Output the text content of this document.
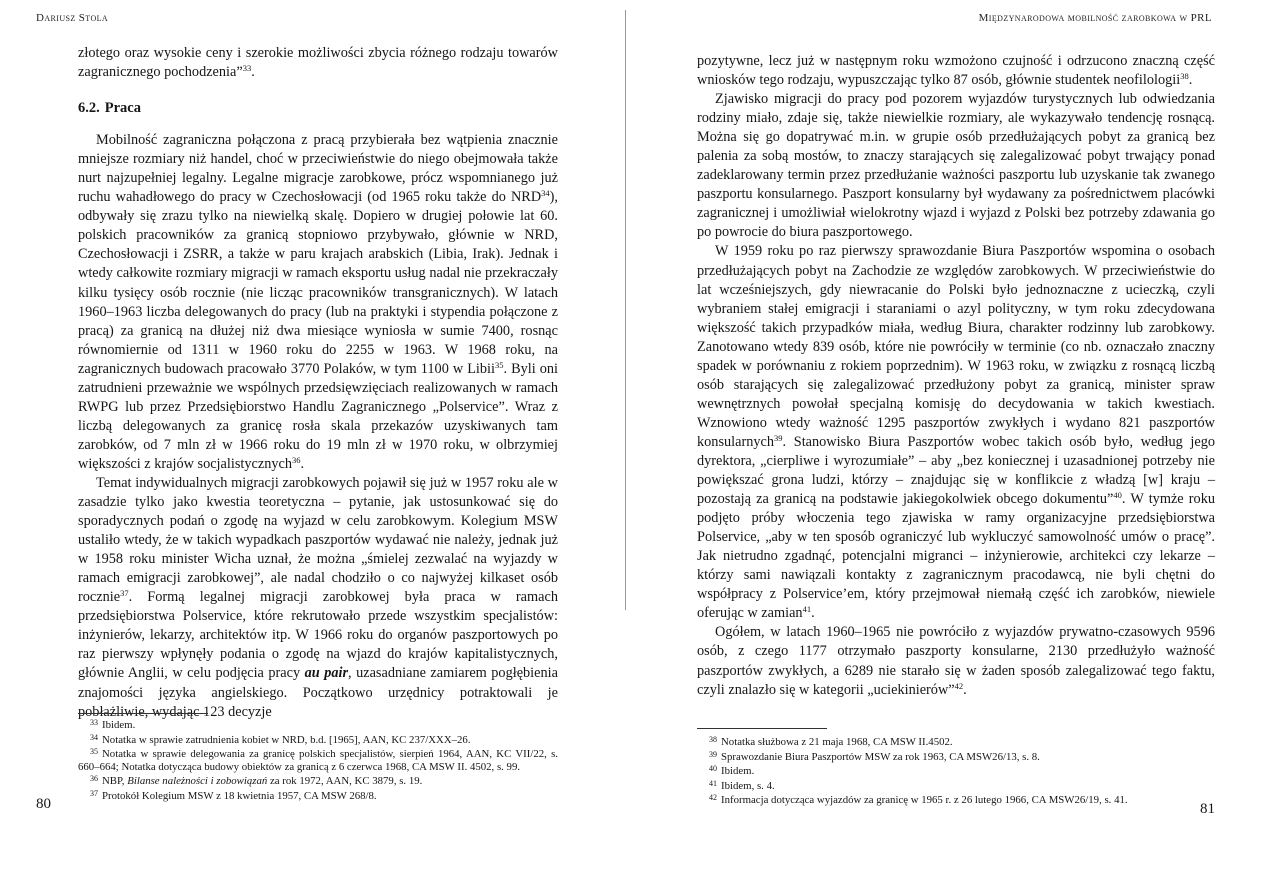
Dariusz Stola

złotego oraz wysokie ceny i szerokie możliwości zbycia różnego rodzaju towarów zagranicznego pochodzenia”$^{33}$.

6.2. Praca

Mobilność zagraniczna połączona z pracą przybierała bez wątpienia znacznie mniejsze rozmiary niż handel, choć w przeciwieństwie do niego obejmowała także nurt najzupełniej legalny. Legalne migracje zarobkowe, prócz wspomnianego już ruchu wahadłowego do pracy w Czechosłowacji (od 1965 roku także do NRD$^{34}$), odbywały się zrazu tylko na niewielką skalę. Dopiero w drugiej połowie lat 60. polskich pracowników za granicą stopniowo przybywało, głównie w NRD, Czechosłowacji i ZSRR, a także w paru krajach arabskich (Libia, Irak). Jednak i wtedy całkowite rozmiary migracji w ramach eksportu usług nadal nie przekraczały kilku tysięcy osób rocznie (nie licząc pracowników transgranicznych). W latach 1960–1963 liczba delegowanych do pracy (lub na praktyki i stypendia połączone z pracą) za granicą na dłużej niż dwa miesiące wyniosła w sumie 7400, rosnąc równomiernie od 1311 w 1960 roku do 2255 w 1963. W 1968 roku, na zagranicznych budowach pracowało 3770 Polaków, w tym 1100 w Libii$^{35}$. Byli oni zatrudnieni przeważnie we wspólnych przedsięwzięciach realizowanych w ramach RWPG lub przez Przedsiębiorstwo Handlu Zagranicznego „Polservice”. Wraz z liczbą delegowanych za granicę rosła skala przekazów uzyskiwanych tam zarobków, od 7 mln zł w 1966 roku do 19 mln zł w 1970 roku, w olbrzymiej większości z krajów socjalistycznych$^{36}$.

Temat indywidualnych migracji zarobkowych pojawił się już w 1957 roku ale w zasadzie tylko jako kwestia teoretyczna – pytanie, jak ustosunkować się do sporadycznych podań o zgodę na wyjazd w celu zarobkowym. Kolegium MSW ustaliło wtedy, że w takich wypadkach paszportów wydawać nie należy, jednak już w 1958 roku minister Wicha uznał, że można „śmielej zezwalać na wyjazdy w ramach emigracji zarobkowej”, ale nadal chodziło o co najwyżej kilkaset osób rocznie$^{37}$. Formą legalnej migracji zarobkowej była praca w ramach przedsiębiorstwa Polservice, które rekrutowało przede wszystkim specjalistów: inżynierów, lekarzy, architektów itp. W 1966 roku do organów paszportowych po raz pierwszy wpłynęły podania o zgodę na wjazd do krajów kapitalistycznych, głównie Anglii, w celu podjęcia pracy au pair, uzasadniane zamiarem pogłębienia znajomości języka angielskiego. Początkowo urzędnicy potraktowali je pobłażliwie, wydając 123 decyzje

$^{33}$ Ibidem.

$^{34}$ Notatka w sprawie zatrudnienia kobiet w NRD, b.d. [1965], AAN, KC 237/XXX–26.

$^{35}$ Notatka w sprawie delegowania za granicę polskich specjalistów, sierpień 1964, AAN, KC VII/22, s. 660–664; Notatka dotycząca budowy obiektów za granicą z 6 czerwca 1968, CA MSW II. 4502, s. 99.

$^{36}$ NBP, Bilanse należności i zobowiązań za rok 1972, AAN, KC 3879, s. 19.

$^{37}$ Protokół Kolegium MSW z 18 kwietnia 1957, CA MSW 268/8.

80
Międzynarodowa mobilność zarobkowa w PRL

pozytywne, lecz już w następnym roku wzmożono czujność i odrzucono znaczną część wniosków tego rodzaju, wypuszczając tylko 87 osób, głównie studentek neofilologii$^{38}$.

Zjawisko migracji do pracy pod pozorem wyjazdów turystycznych lub odwiedzania rodziny miało, zdaje się, także niewielkie rozmiary, ale wykazywało tendencję rosnącą. Można się go dopatrywać m.in. w grupie osób przedłużających pobyt za granicą bez palenia za sobą mostów, to znaczy starających się zalegalizować pobyt trwający ponad zadeklarowany termin przez przedłużanie ważności paszportu lub uzyskanie tak zwanego paszportu konsularnego. Paszport konsularny był wydawany za pośrednictwem placówki zagranicznej i umożliwiał wielokrotny wjazd i wyjazd z Polski bez potrzeby zdawania go po powrocie do biura paszportowego.

W 1959 roku po raz pierwszy sprawozdanie Biura Paszportów wspomina o osobach przedłużających pobyt na Zachodzie ze względów zarobkowych. W przeciwieństwie do lat wcześniejszych, gdy niewracanie do Polski było jednoznaczne z ucieczką, czyli wybraniem stałej emigracji i staraniami o azyl polityczny, w tym roku zdecydowana większość takich przypadków miała, według Biura, charakter rodzinny lub zarobkowy. Zanotowano wtedy 839 osób, które nie powróciły w terminie (co nb. oznaczało znaczny spadek w porównaniu z rokiem poprzednim). W 1963 roku, w związku z rosnącą liczbą osób starających się zalegalizować przedłużony pobyt za granicą, minister spraw wewnętrznych powołał specjalną komisję do decydowania w takich kwestiach. Wznowiono wtedy ważność 1295 paszportów zwykłych i wydano 821 paszportów konsularnych$^{39}$. Stanowisko Biura Paszportów wobec takich osób było, według jego dyrektora, „cierpliwe i wyrozumiałe” – aby „bez koniecznej i uzasadnionej potrzeby nie powiększać grona ludzi, którzy – znajdując się w konflikcie z władzą [w] kraju – pozostają za granicą na podstawie jakiegokolwiek obcego dokumentu”$^{40}$. W tymże roku podjęto próby włoczenia tego zjawiska w ramy organizacyjne przedsiębiorstwa Polservice, „aby w ten sposób ograniczyć lub wykluczyć samowolność umów o pracę”. Jak nietrudno zgadnąć, potencjalni migranci – inżynierowie, architekci czy lekarze – którzy sami nawiązali kontakty z zagranicznym pracodawcą, nie byli chętni do współpracy z Polservice’em, który przejmował niemałą część ich zarobków, niewiele oferując w zamian$^{41}$.

Ogółem, w latach 1960–1965 nie powróciło z wyjazdów prywatno-czasowych 9596 osób, z czego 1177 otrzymało paszporty konsularne, 2130 przedłużyło ważność paszportów zwykłych, a 6289 nie starało się w żaden sposób zalegalizować tego faktu, czyli znalazło się w kategorii „uciekinierów”$^{42}$.

$^{38}$ Notatka służbowa z 21 maja 1968, CA MSW II.4502.

$^{39}$ Sprawozdanie Biura Paszportów MSW za rok 1963, CA MSW26/13, s. 8.

$^{40}$ Ibidem.

$^{41}$ Ibidem, s. 4.

$^{42}$ Informacja dotycząca wyjazdów za granicę w 1965 r. z 26 lutego 1966, CA MSW26/19, s. 41.

81
